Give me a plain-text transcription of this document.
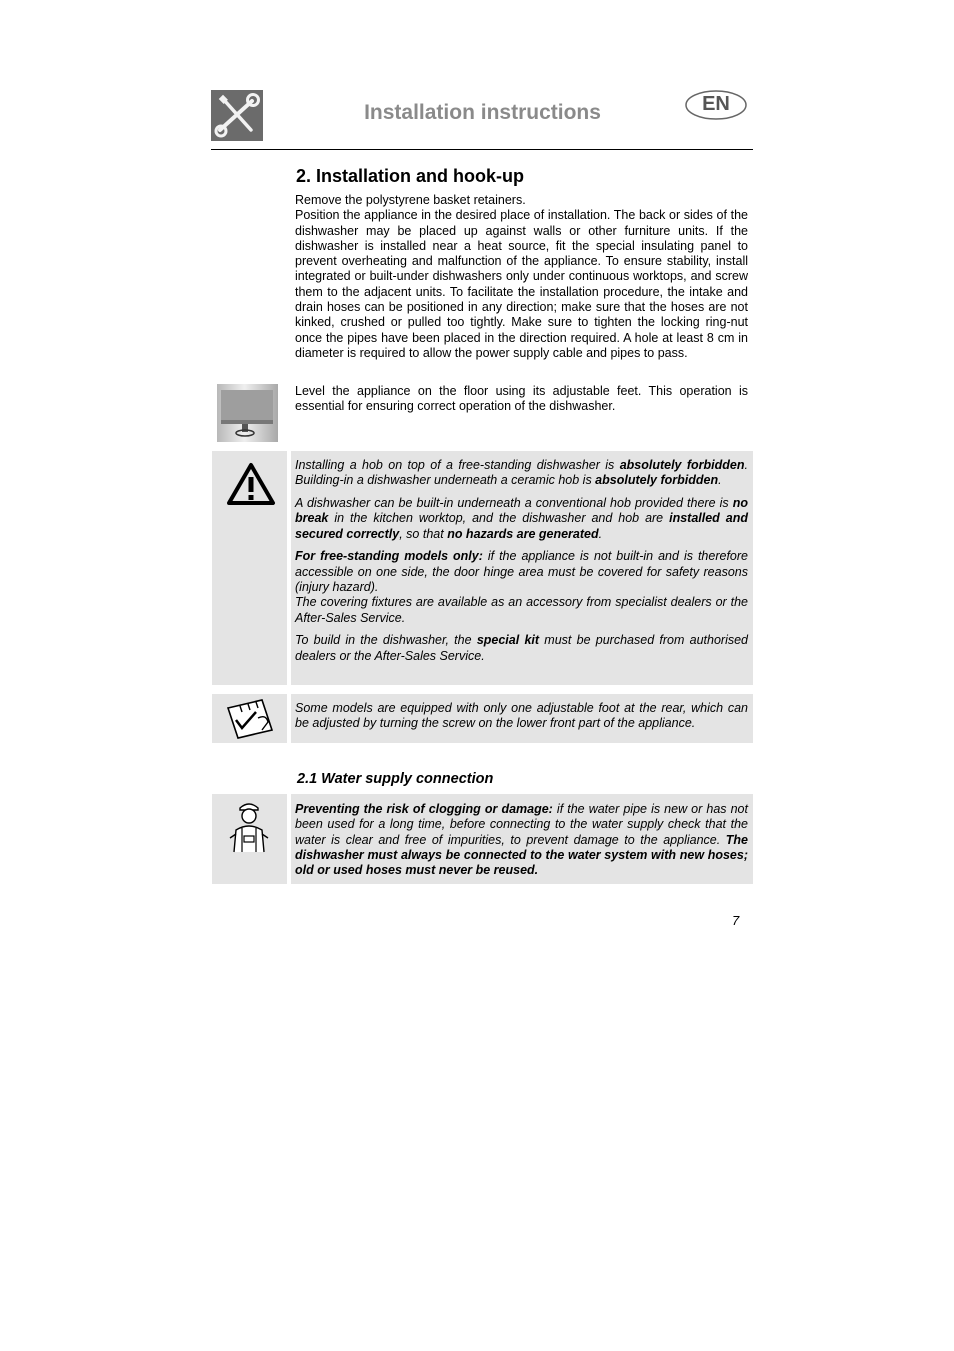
Installation instructions	EN
2. Installation and hook-up

Remove the polystyrene basket retainers.

Position the appliance in the desired place of installation. The back or sides of the dishwasher may be placed up against walls or other furniture units. If the dishwasher is installed near a heat source, fit the special insulating panel to prevent overheating and malfunction of the appliance. To ensure stability, install integrated or built-under dishwashers only under continuous worktops, and screw them to the adjacent units. To facilitate the installation procedure, the intake and drain hoses can be positioned in any direction; make sure that the hoses are not kinked, crushed or pulled too tightly. Make sure to tighten the locking ring-nut once the pipes have been placed in the direction required. A hole at least 8 cm in diameter is required to allow the power supply cable and pipes to pass.

Level the appliance on the floor using its adjustable feet. This operation is essential for ensuring correct operation of the dishwasher.

Installing a hob on top of a free-standing dishwasher is absolutely forbidden. Building-in a dishwasher underneath a ceramic hob is absolutely forbidden.

A dishwasher can be built-in underneath a conventional hob provided there is no break in the kitchen worktop, and the dishwasher and hob are installed and secured correctly, so that no hazards are generated.

For free-standing models only: if the appliance is not built-in and is therefore accessible on one side, the door hinge area must be covered for safety reasons (injury hazard).
The covering fixtures are available as an accessory from specialist dealers or the After-Sales Service.

To build in the dishwasher, the special kit must be purchased from authorised dealers or the After-Sales Service.

Some models are equipped with only one adjustable foot at the rear, which can be adjusted by turning the screw on the lower front part of the appliance.

2.1 Water supply connection

Preventing the risk of clogging or damage: if the water pipe is new or has not been used for a long time, before connecting to the water supply check that the water is clear and free of impurities, to prevent damage to the appliance. The dishwasher must always be connected to the water system with new hoses; old or used hoses must never be reused.

7
